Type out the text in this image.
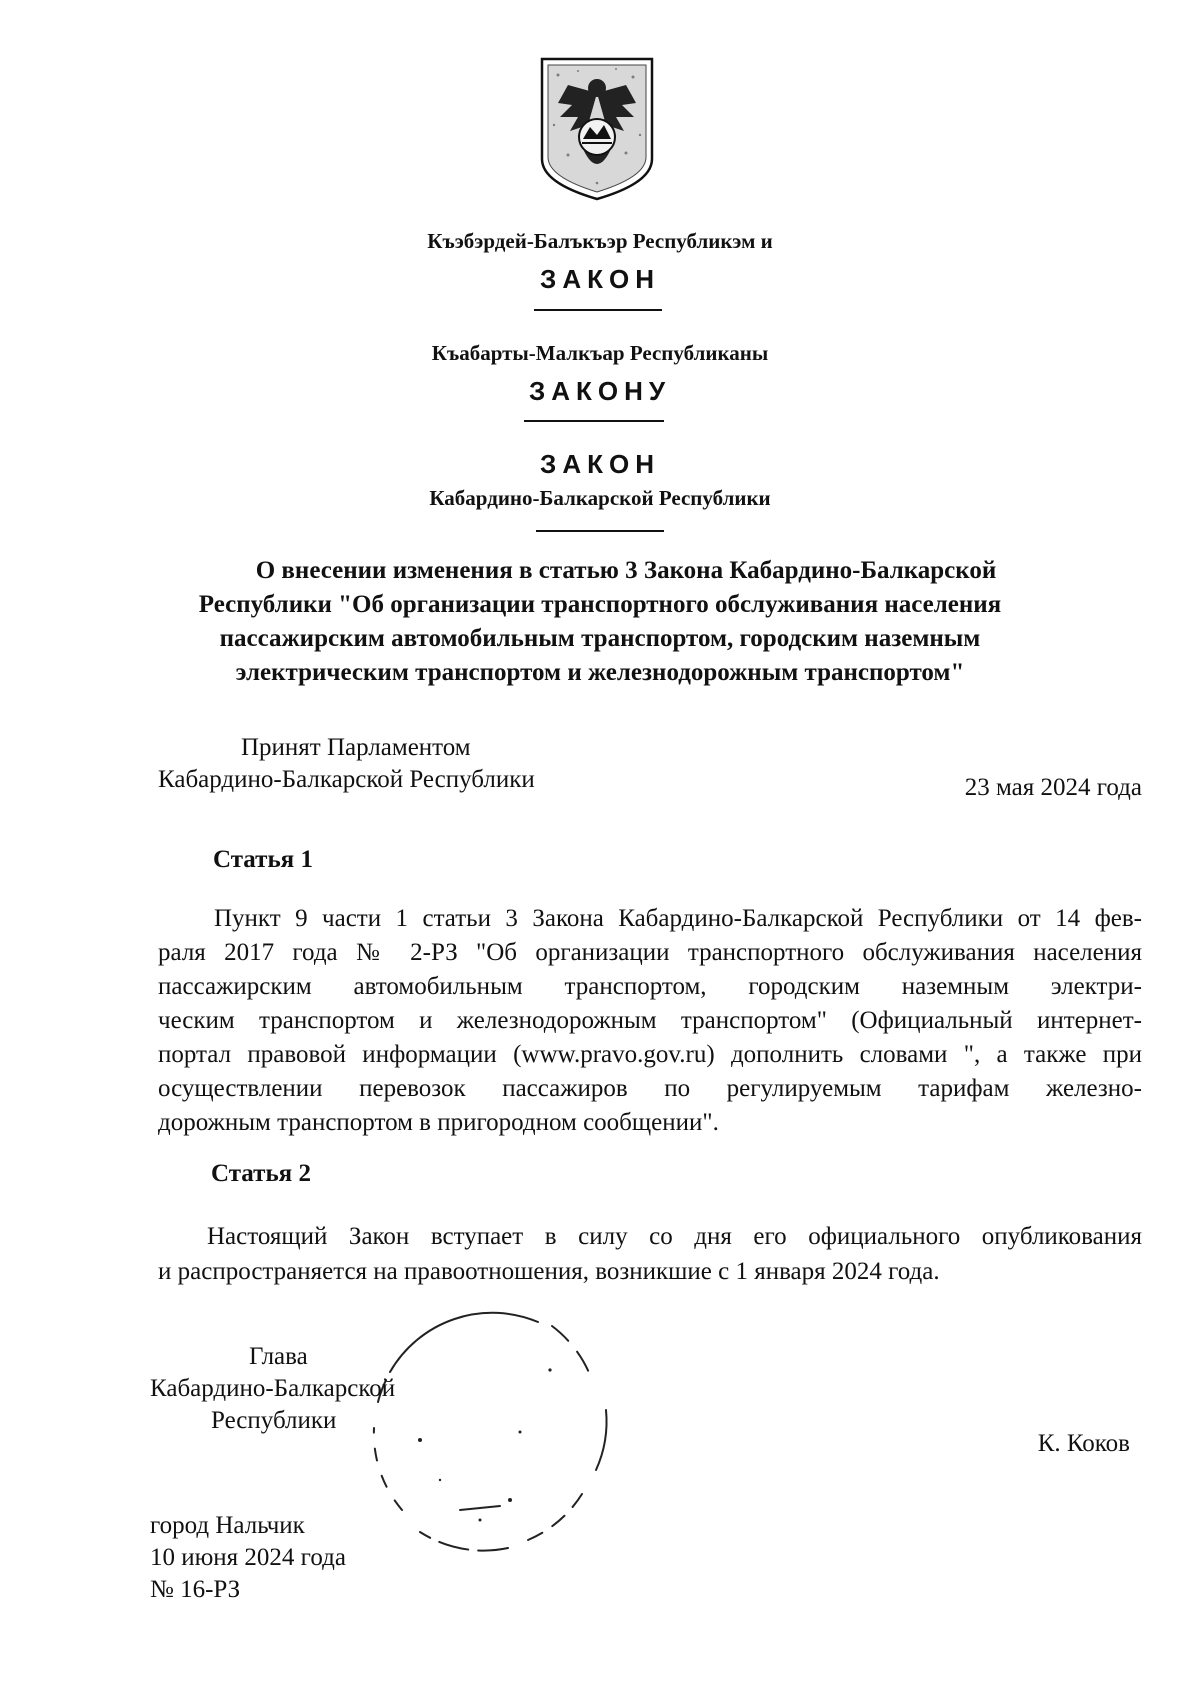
Къэбэрдей-Балъкъэр Республикэм и
ЗАКОН
Къабарты-Малкъар Республиканы
ЗАКОНУ
ЗАКОН
Кабардино-Балкарской Республики
О внесении изменения в статью 3 Закона Кабардино-Балкарской
Республики "Об организации транспортного обслуживания населения
пассажирским автомобильным транспортом, городским наземным
электрическим транспортом и железнодорожным транспортом"
Принят Парламентом
Кабардино-Балкарской Республики	23 мая 2024 года
Статья 1

Пункт 9 части 1 статьи 3 Закона Кабардино-Балкарской Республики от 14 фев-

раля 2017 года № 2-РЗ "Об организации транспортного обслуживания населения

пассажирским автомобильным транспортом, городским наземным электри-

ческим транспортом и железнодорожным транспортом" (Официальный интернет-

портал правовой информации (www.pravo.gov.ru) дополнить словами ", а также при

осуществлении перевозок пассажиров по регулируемым тарифам железно-

дорожным транспортом в пригородном сообщении".

Статья 2

Настоящий Закон вступает в силу со дня его официального опубликования

и распространяется на правоотношения, возникшие с 1 января 2024 года.

Глава
Кабардино-Балкарской
Республики
К. Коков
город Нальчик
10 июня 2024 года
№ 16-РЗ
